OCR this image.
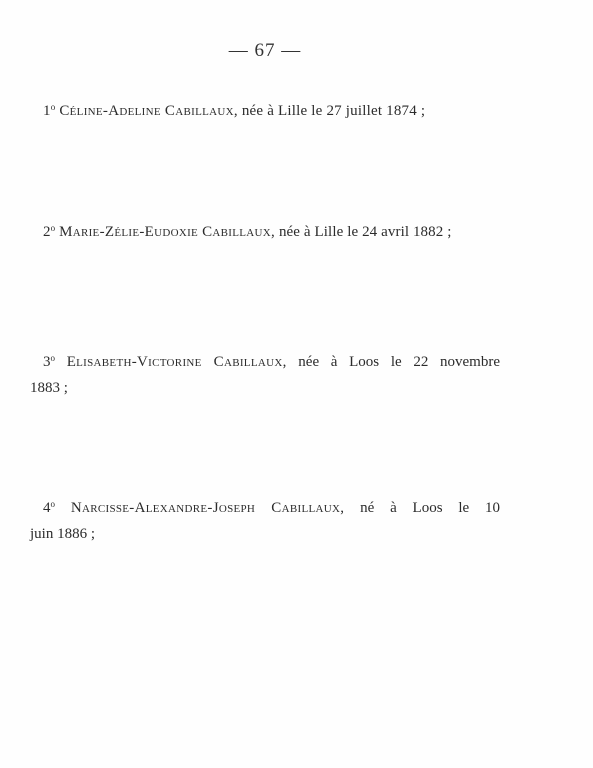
— 67 —
1$^o$ Céline-Adeline Cabillaux, née à Lille le 27 juillet 1874 ;
2$^o$ Marie-Zélie-Eudoxie Cabillaux, née à Lille le 24 avril 1882 ;
3$^o$ Elisabeth-Victorine Cabillaux, née à Loos le 22 novembre
1883 ;
4$^o$ Narcisse-Alexandre-Joseph Cabillaux, né à Loos le 10
juin 1886 ;
